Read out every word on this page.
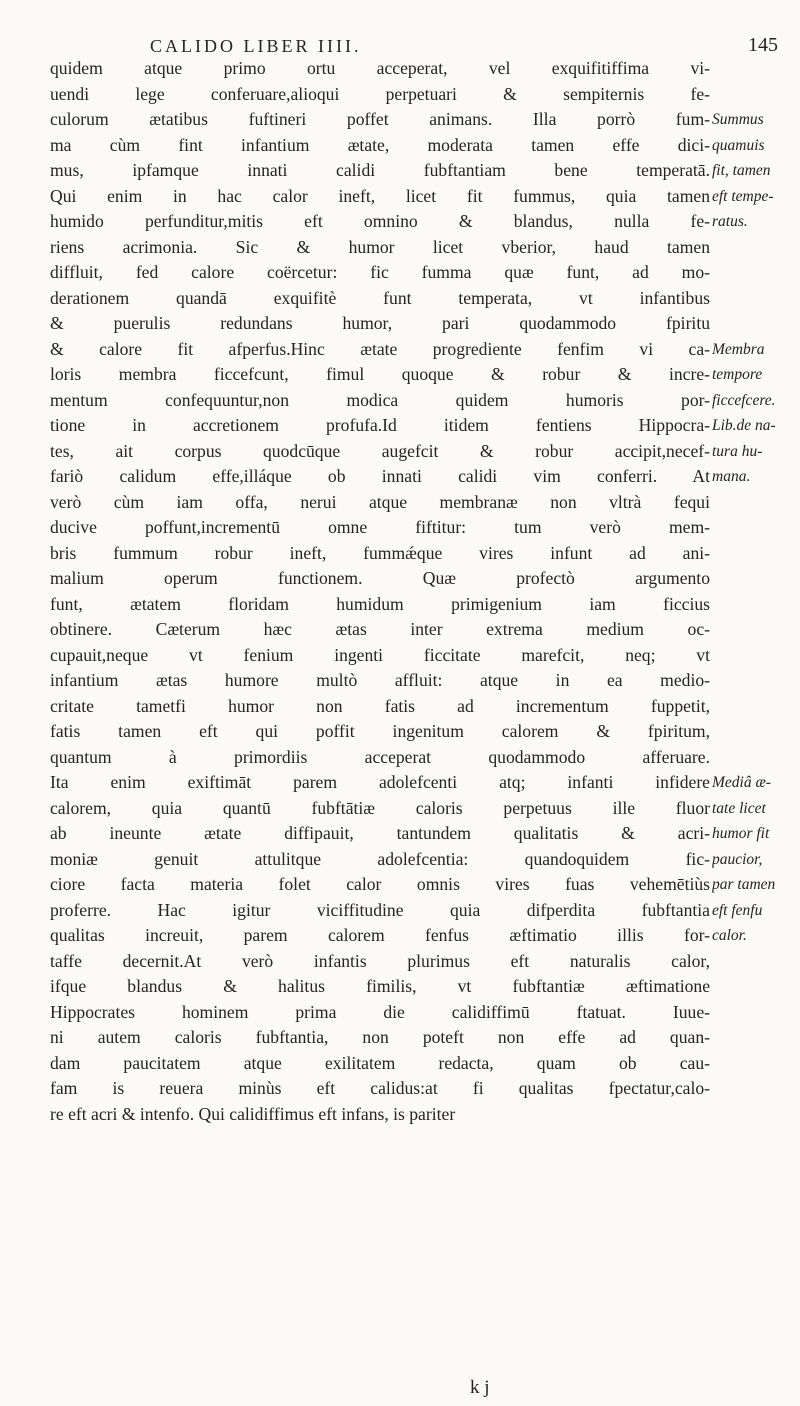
CALIDO LIBER IIII.	145
quidem atque primo ortu acceperat, vel exquifitiffima vi-
uendi lege conferuare,alioqui perpetuari & sempiternis fe-
culorum ætatibus fuftineri poffet animans. Illa porrò fum-
ma cùm fint infantium ætate, moderata tamen effe dici-
mus, ipfamque innati calidi fubftantiam bene temperatā.
Qui enim in hac calor ineft, licet fit fummus, quia tamen
humido perfunditur,mitis eft omnino & blandus, nulla fe-
riens acrimonia. Sic & humor licet vberior, haud tamen
diffluit, fed calore coërcetur: fic fumma quæ funt, ad mo-
derationem quandā exquifitè funt temperata, vt infantibus
& puerulis redundans humor, pari quodammodo fpiritu
& calore fit afperfus.Hinc ætate progrediente fenfim vi ca-
loris membra ficcefcunt, fimul quoque & robur & incre-
mentum confequuntur,non modica quidem humoris por-
tione in accretionem profufa.Id itidem fentiens Hippocra-
tes, ait corpus quodcūque augefcit & robur accipit,necef-
fariò calidum effe,illáque ob innati calidi vim conferri. At
verò cùm iam offa, nerui atque membranæ non vltrà fequi
ducive poffunt,incrementū omne fiftitur: tum verò mem-
bris fummum robur ineft, fummǽque vires infunt ad ani-
malium operum functionem. Quæ profectò argumento
funt, ætatem floridam humidum primigenium iam ficcius
obtinere. Cæterum hæc ætas inter extrema medium oc-
cupauit,neque vt fenium ingenti ficcitate marefcit, neq; vt
infantium ætas humore multò affluit: atque in ea medio-
critate tametfi humor non fatis ad incrementum fuppetit,
fatis tamen eft qui poffit ingenitum calorem & fpiritum,
quantum à primordiis acceperat quodammodo afferuare.
Ita enim exiftimāt parem adolefcenti atq; infanti infidere
calorem, quia quantū fubftātiæ caloris perpetuus ille fluor
ab ineunte ætate diffipauit, tantundem qualitatis & acri-
moniæ genuit attulitque adolefcentia: quandoquidem fic-
ciore facta materia folet calor omnis vires fuas vehemētiùs
proferre. Hac igitur viciffitudine quia difperdita fubftantia
qualitas increuit, parem calorem fenfus æftimatio illis for-
taffe decernit.At verò infantis plurimus eft naturalis calor,
ifque blandus & halitus fimilis, vt fubftantiæ æftimatione
Hippocrates hominem prima die calidiffimū ftatuat. Iuue-
ni autem caloris fubftantia, non poteft non effe ad quan-
dam paucitatem atque exilitatem redacta, quam ob cau-
fam is reuera minùs eft calidus:at fi qualitas fpectatur,calo-
re eft acri & intenfo. Qui calidiffimus eft infans, is pariter
Summus
quamuis
fit, tamen
eft tempe-
ratus.
Membra
tempore
ficcefcere.
Lib.de na-
tura hu-
mana.
Mediâ æ-
tate licet
humor fit
paucior,
par tamen
eft fenfu
calor.
k j
